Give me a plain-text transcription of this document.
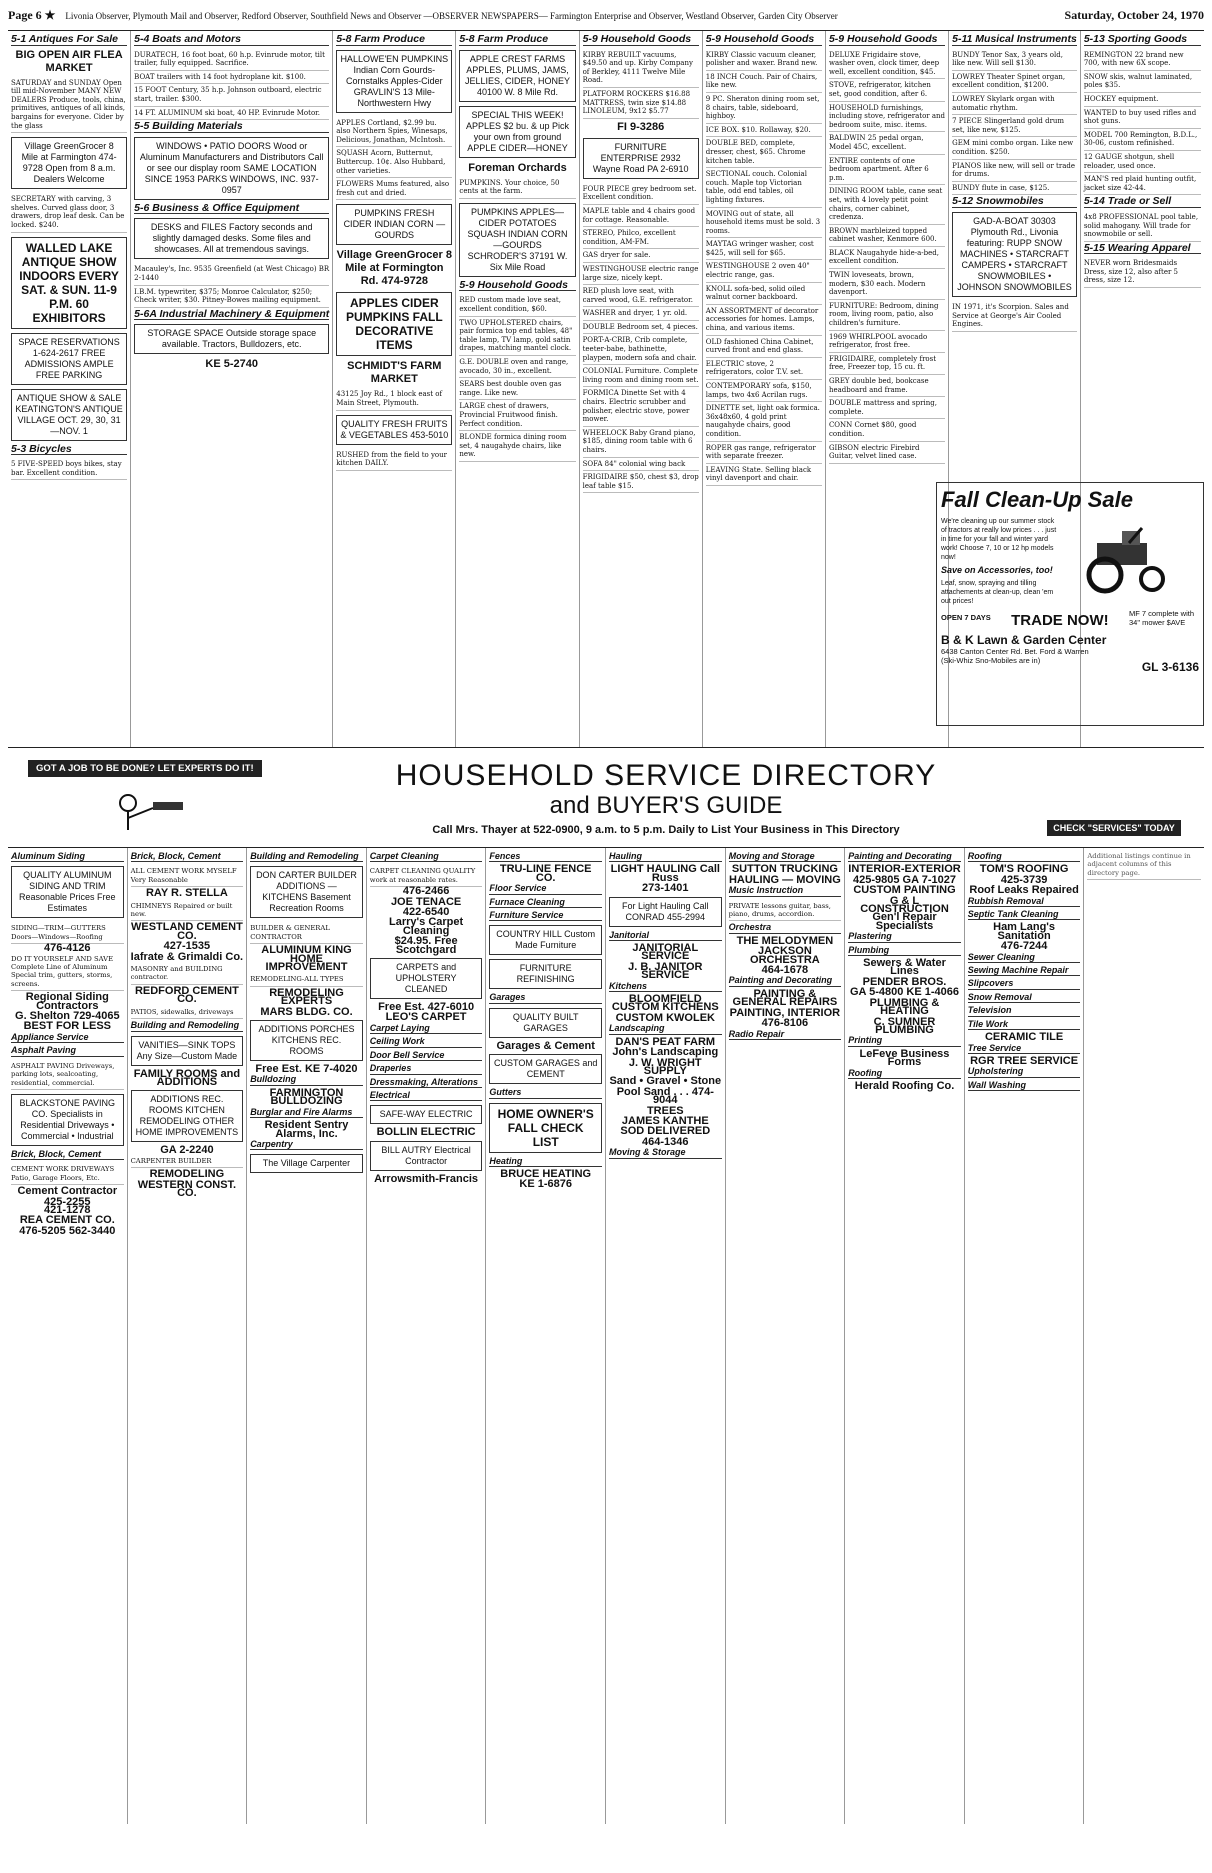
Page 6 ★ Livonia Observer, Plymouth Mail and Observer, Redford Observer, Southfield News and Observer —OBSERVER NEWSPAPERS— Farmington Enterprise and Observer, Westland Observer, Garden City Observer	Saturday, October 24, 1970
5-1 Antiques For Sale
BIG OPEN AIR FLEA MARKET
SATURDAY and SUNDAY Open till mid-November MANY NEW DEALERS Produce, tools, china, primitives, antiques of all kinds, bargains for everyone. Cider by the glass
Village GreenGrocer 8 Mile at Farmington 474-9728 Open from 8 a.m. Dealers Welcome
SECRETARY with carving, 3 shelves. Curved glass door, 3 drawers, drop leaf desk. Can be locked. $240.
WALLED LAKE ANTIQUE SHOW INDOORS EVERY SAT. & SUN. 11-9 P.M. 60 EXHIBITORS
SPACE RESERVATIONS 1-624-2617 FREE ADMISSIONS AMPLE FREE PARKING
ANTIQUE SHOW & SALE KEATINGTON'S ANTIQUE VILLAGE OCT. 29, 30, 31—NOV. 1
5-3 Bicycles
5 FIVE-SPEED boys bikes, stay bar. Excellent condition.
5-4 Boats and Motors
DURATECH, 16 foot boat, 60 h.p. Evinrude motor, tilt trailer, fully equipped. Sacrifice.
BOAT trailers with 14 foot hydroplane kit. $100.
15 FOOT Century, 35 h.p. Johnson outboard, electric start, trailer. $300.
14 FT. ALUMINUM ski boat, 40 HP. Evinrude Motor.
5-5 Building Materials
WINDOWS • PATIO DOORS Wood or Aluminum Manufacturers and Distributors Call or see our display room SAME LOCATION SINCE 1953 PARKS WINDOWS, INC. 937-0957
5-6 Business & Office Equipment
DESKS and FILES Factory seconds and slightly damaged desks. Some files and showcases. All at tremendous savings.
Macauley's, Inc. 9535 Greenfield (at West Chicago) BR 2-1440
I.B.M. typewriter, $375; Monroe Calculator, $250; Check writer, $30. Pitney-Bowes mailing equipment.
5-6A Industrial Machinery & Equipment
STORAGE SPACE Outside storage space available. Tractors, Bulldozers, etc.
KE 5-2740
5-8 Farm Produce
HALLOWE'EN PUMPKINS Indian Corn Gourds-Cornstalks Apples-Cider GRAVLIN'S 13 Mile-Northwestern Hwy
APPLES Cortland, $2.99 bu. also Northern Spies, Winesaps, Delicious, Jonathan, McIntosh.
SQUASH Acorn, Butternut, Buttercup. 10¢. Also Hubbard, other varieties.
FLOWERS Mums featured, also fresh cut and dried.
PUMPKINS FRESH CIDER INDIAN CORN — GOURDS
Village GreenGrocer 8 Mile at Formington Rd. 474-9728
APPLES CIDER PUMPKINS FALL DECORATIVE ITEMS
SCHMIDT'S FARM MARKET
43125 Joy Rd., 1 block east of Main Street, Plymouth.
QUALITY FRESH FRUITS & VEGETABLES 453-5010
RUSHED from the field to your kitchen DAILY.
5-8 Farm Produce
APPLE CREST FARMS APPLES, PLUMS, JAMS, JELLIES, CIDER, HONEY 40100 W. 8 Mile Rd.
SPECIAL THIS WEEK! APPLES $2 bu. & up Pick your own from ground APPLE CIDER—HONEY
Foreman Orchards
PUMPKINS. Your choice, 50 cents at the farm.
PUMPKINS APPLES—CIDER POTATOES SQUASH INDIAN CORN—GOURDS SCHRODER'S 37191 W. Six Mile Road
5-9 Household Goods
RED custom made love seat, excellent condition, $60.
TWO UPHOLSTERED chairs, pair formica top end tables, 48" table lamp, TV lamp, gold satin drapes, matching mantel clock.
G.E. DOUBLE oven and range, avocado, 30 in., excellent.
SEARS best double oven gas range. Like new.
LARGE chest of drawers, Provincial Fruitwood finish. Perfect condition.
BLONDE formica dining room set, 4 naugahyde chairs, like new.
5-9 Household Goods
KIRBY REBUILT vacuums, $49.50 and up. Kirby Company of Berkley, 4111 Twelve Mile Road.
PLATFORM ROCKERS $16.88 MATTRESS, twin size $14.88 LINOLEUM, 9x12 $5.77
FI 9-3286
FURNITURE ENTERPRISE 2932 Wayne Road PA 2-6910
FOUR PIECE grey bedroom set. Excellent condition.
MAPLE table and 4 chairs good for cottage. Reasonable.
STEREO, Philco, excellent condition, AM-FM.
GAS dryer for sale.
WESTINGHOUSE electric range large size, nicely kept.
RED plush love seat, with carved wood, G.E. refrigerator.
WASHER and dryer, 1 yr. old.
DOUBLE Bedroom set, 4 pieces.
PORT-A-CRIB, Crib complete, teeter-babe, bathinette, playpen, modern sofa and chair.
COLONIAL Furniture. Complete living room and dining room set.
FORMICA Dinette Set with 4 chairs. Electric scrubber and polisher, electric stove, power mower.
WHEELOCK Baby Grand piano, $185, dining room table with 6 chairs.
SOFA 84" colonial wing back
FRIGIDAIRE $50, chest $3, drop leaf table $15.
5-9 Household Goods
KIRBY Classic vacuum cleaner, polisher and waxer. Brand new.
18 INCH Couch. Pair of Chairs, like new.
9 PC. Sheraton dining room set, 8 chairs, table, sideboard, highboy.
ICE BOX. $10. Rollaway, $20.
DOUBLE BED, complete, dresser, chest, $65. Chrome kitchen table.
SECTIONAL couch. Colonial couch. Maple top Victorian table, odd end tables, oil lighting fixtures.
MOVING out of state, all household items must be sold. 3 rooms.
MAYTAG wringer washer, cost $425, will sell for $65.
WESTINGHOUSE 2 oven 40" electric range, gas.
KNOLL sofa-bed, solid oiled walnut corner backboard.
AN ASSORTMENT of decorator accessories for homes. Lamps, china, and various items.
OLD fashioned China Cabinet, curved front and end glass.
ELECTRIC stove, 2 refrigerators, color T.V. set.
CONTEMPORARY sofa, $150, lamps, two 4x6 Acrilan rugs.
DINETTE set, light oak formica. 36x48x60, 4 gold print naugahyde chairs, good condition.
ROPER gas range, refrigerator with separate freezer.
LEAVING State. Selling black vinyl davenport and chair.
5-9 Household Goods
DELUXE Frigidaire stove, washer oven, clock timer, deep well, excellent condition, $45.
STOVE, refrigerator, kitchen set, good condition, after 6.
HOUSEHOLD furnishings, including stove, refrigerator and bedroom suite, misc. items.
BALDWIN 25 pedal organ, Model 45C, excellent.
ENTIRE contents of one bedroom apartment. After 6 p.m.
DINING ROOM table, cane seat set, with 4 lovely petit point chairs, corner cabinet, credenza.
BROWN marbleized topped cabinet washer, Kenmore 600.
BLACK Naugahyde hide-a-bed, excellent condition.
TWIN loveseats, brown, modern, $30 each. Modern davenport.
FURNITURE: Bedroom, dining room, living room, patio, also children's furniture.
1969 WHIRLPOOL avocado refrigerator, frost free.
FRIGIDAIRE, completely frost free, Freezer top, 15 cu. ft.
GREY double bed, bookcase headboard and frame.
DOUBLE mattress and spring, complete.
CONN Cornet $80, good condition.
GIBSON electric Firebird Guitar, velvet lined case.
5-11 Musical Instruments
BUNDY Tenor Sax, 3 years old, like new. Will sell $130.
LOWREY Theater Spinet organ, excellent condition, $1200.
LOWREY Skylark organ with automatic rhythm.
7 PIECE Slingerland gold drum set, like new, $125.
GEM mini combo organ. Like new condition. $250.
PIANOS like new, will sell or trade for drums.
BUNDY flute in case, $125.
5-12 Snowmobiles
GAD-A-BOAT 30303 Plymouth Rd., Livonia featuring: RUPP SNOW MACHINES • STARCRAFT CAMPERS • STARCRAFT SNOWMOBILES • JOHNSON SNOWMOBILES
IN 1971, it's Scorpion. Sales and Service at George's Air Cooled Engines.
5-13 Sporting Goods
REMINGTON 22 brand new 700, with new 6X scope.
SNOW skis, walnut laminated, poles $35.
HOCKEY equipment.
WANTED to buy used rifles and shot guns.
MODEL 700 Remington, B.D.L., 30-06, custom refinished.
12 GAUGE shotgun, shell reloader, used once.
MAN'S red plaid hunting outfit, jacket size 42-44.
5-14 Trade or Sell
4x8 PROFESSIONAL pool table, solid mahogany. Will trade for snowmobile or sell.
5-15 Wearing Apparel
NEVER worn Bridesmaids Dress, size 12, also after 5 dress, size 12.
Fall Clean-Up Sale
We're cleaning up our summer stock of tractors at really low prices . . . just in time for your fall and winter yard work! Choose 7, 10 or 12 hp models now!
Save on Accessories, too!
Leaf, snow, spraying and tilling attachements at clean-up, clean 'em out prices!
OPEN 7 DAYS TRADE NOW!	MF 7 complete with 34" mower $AVE
B & K Lawn & Garden Center
6438 Canton Center Rd. Bet. Ford & Warren
(Ski-Whiz Sno-Mobiles are in)	GL 3-6136
GOT A JOB TO BE DONE? LET EXPERTS DO IT!	HOUSEHOLD SERVICE DIRECTORY
and BUYER'S GUIDE
Call Mrs. Thayer at 522-0900, 9 a.m. to 5 p.m. Daily to List Your Business in This Directory	CHECK "SERVICES" TODAY
Aluminum Siding
QUALITY ALUMINUM SIDING AND TRIM Reasonable Prices Free Estimates
SIDING—TRIM—GUTTERS Doors—Windows—Roofing
476-4126
DO IT YOURSELF AND SAVE Complete Line of Aluminum Special trim, gutters, storms, screens.
Regional Siding Contractors
G. Shelton 729-4065
BEST FOR LESS
Appliance Service
Asphalt Paving
ASPHALT PAVING Driveways, parking lots, sealcoating, residential, commercial.
BLACKSTONE PAVING CO. Specialists in Residential Driveways • Commercial • Industrial
Brick, Block, Cement
CEMENT WORK DRIVEWAYS Patio, Garage Floors, Etc.
Cement Contractor
425-2255
421-1278
REA CEMENT CO.
476-5205 562-3440
Brick, Block, Cement
ALL CEMENT WORK MYSELF Very Reasonable
RAY R. STELLA
CHIMNEYS Repaired or built new.
WESTLAND CEMENT CO.
427-1535
Iafrate & Grimaldi Co.
MASONRY and BUILDING contractor.
REDFORD CEMENT CO.
PATIOS, sidewalks, driveways
Building and Remodeling
VANITIES—SINK TOPS Any Size—Custom Made
FAMILY ROOMS and ADDITIONS
ADDITIONS REC. ROOMS KITCHEN REMODELING OTHER HOME IMPROVEMENTS
GA 2-2240
CARPENTER BUILDER
REMODELING
WESTERN CONST. CO.
Building and Remodeling
DON CARTER BUILDER ADDITIONS — KITCHENS Basement Recreation Rooms
BUILDER & GENERAL CONTRACTOR
ALUMINUM KING HOME IMPROVEMENT
REMODELING-ALL TYPES
REMODELING EXPERTS
MARS BLDG. CO.
ADDITIONS PORCHES KITCHENS REC. ROOMS
Free Est. KE 7-4020
Bulldozing
FARMINGTON BULLDOZING
Burglar and Fire Alarms
Resident Sentry Alarms, Inc.
Carpentry
The Village Carpenter
Carpet Cleaning
CARPET CLEANING QUALITY work at reasonable rates.
476-2466
JOE TENACE
422-6540
Larry's Carpet Cleaning
$24.95. Free Scotchgard
CARPETS and UPHOLSTERY CLEANED
Free Est. 427-6010
LEO'S CARPET
Carpet Laying
Ceiling Work
Door Bell Service
Draperies
Dressmaking, Alterations
Electrical
SAFE-WAY ELECTRIC
BOLLIN ELECTRIC
BILL AUTRY Electrical Contractor
Arrowsmith-Francis
Fences
TRU-LINE FENCE CO.
Floor Service
Furnace Cleaning
Furniture Service
COUNTRY HILL Custom Made Furniture
FURNITURE REFINISHING
Garages
QUALITY BUILT GARAGES
Garages & Cement
CUSTOM GARAGES and CEMENT
Gutters
HOME OWNER'S FALL CHECK LIST
Heating
BRUCE HEATING
KE 1-6876
Hauling
LIGHT HAULING Call Russ
273-1401
For Light Hauling Call CONRAD 455-2994
Janitorial
JANITORIAL SERVICE
J. B. JANITOR SERVICE
Kitchens
BLOOMFIELD CUSTOM KITCHENS
CUSTOM KWOLEK
Landscaping
DAN'S PEAT FARM
John's Landscaping
J. W. WRIGHT SUPPLY
Sand • Gravel • Stone
Pool Sand . . . 474-9044
TREES
JAMES KANTHE
SOD DELIVERED
464-1346
Moving & Storage
Moving and Storage
SUTTON TRUCKING
HAULING — MOVING
Music Instruction
PRIVATE lessons guitar, bass, piano, drums, accordion.
Orchestra
THE MELODYMEN
JACKSON ORCHESTRA
464-1678
Painting and Decorating
PAINTING & GENERAL REPAIRS
PAINTING, INTERIOR
476-8106
Radio Repair
Painting and Decorating
INTERIOR-EXTERIOR
425-9805 GA 7-1027
CUSTOM PAINTING
G & L CONSTRUCTION Gen'l Repair Specialists
Plastering
Plumbing
Sewers & Water Lines
PENDER BROS.
GA 5-4800 KE 1-4066
PLUMBING & HEATING
C. SUMNER PLUMBING
Printing
LeFeve Business Forms
Roofing
Herald Roofing Co.
Roofing
TOM'S ROOFING
425-3739
Roof Leaks Repaired
Rubbish Removal
Septic Tank Cleaning
Ham Lang's Sanitation
476-7244
Sewer Cleaning
Sewing Machine Repair
Slipcovers
Snow Removal
Television
Tile Work
CERAMIC TILE
Tree Service
RGR TREE SERVICE
Upholstering
Wall Washing
Additional listings continue in adjacent columns of this directory page.
